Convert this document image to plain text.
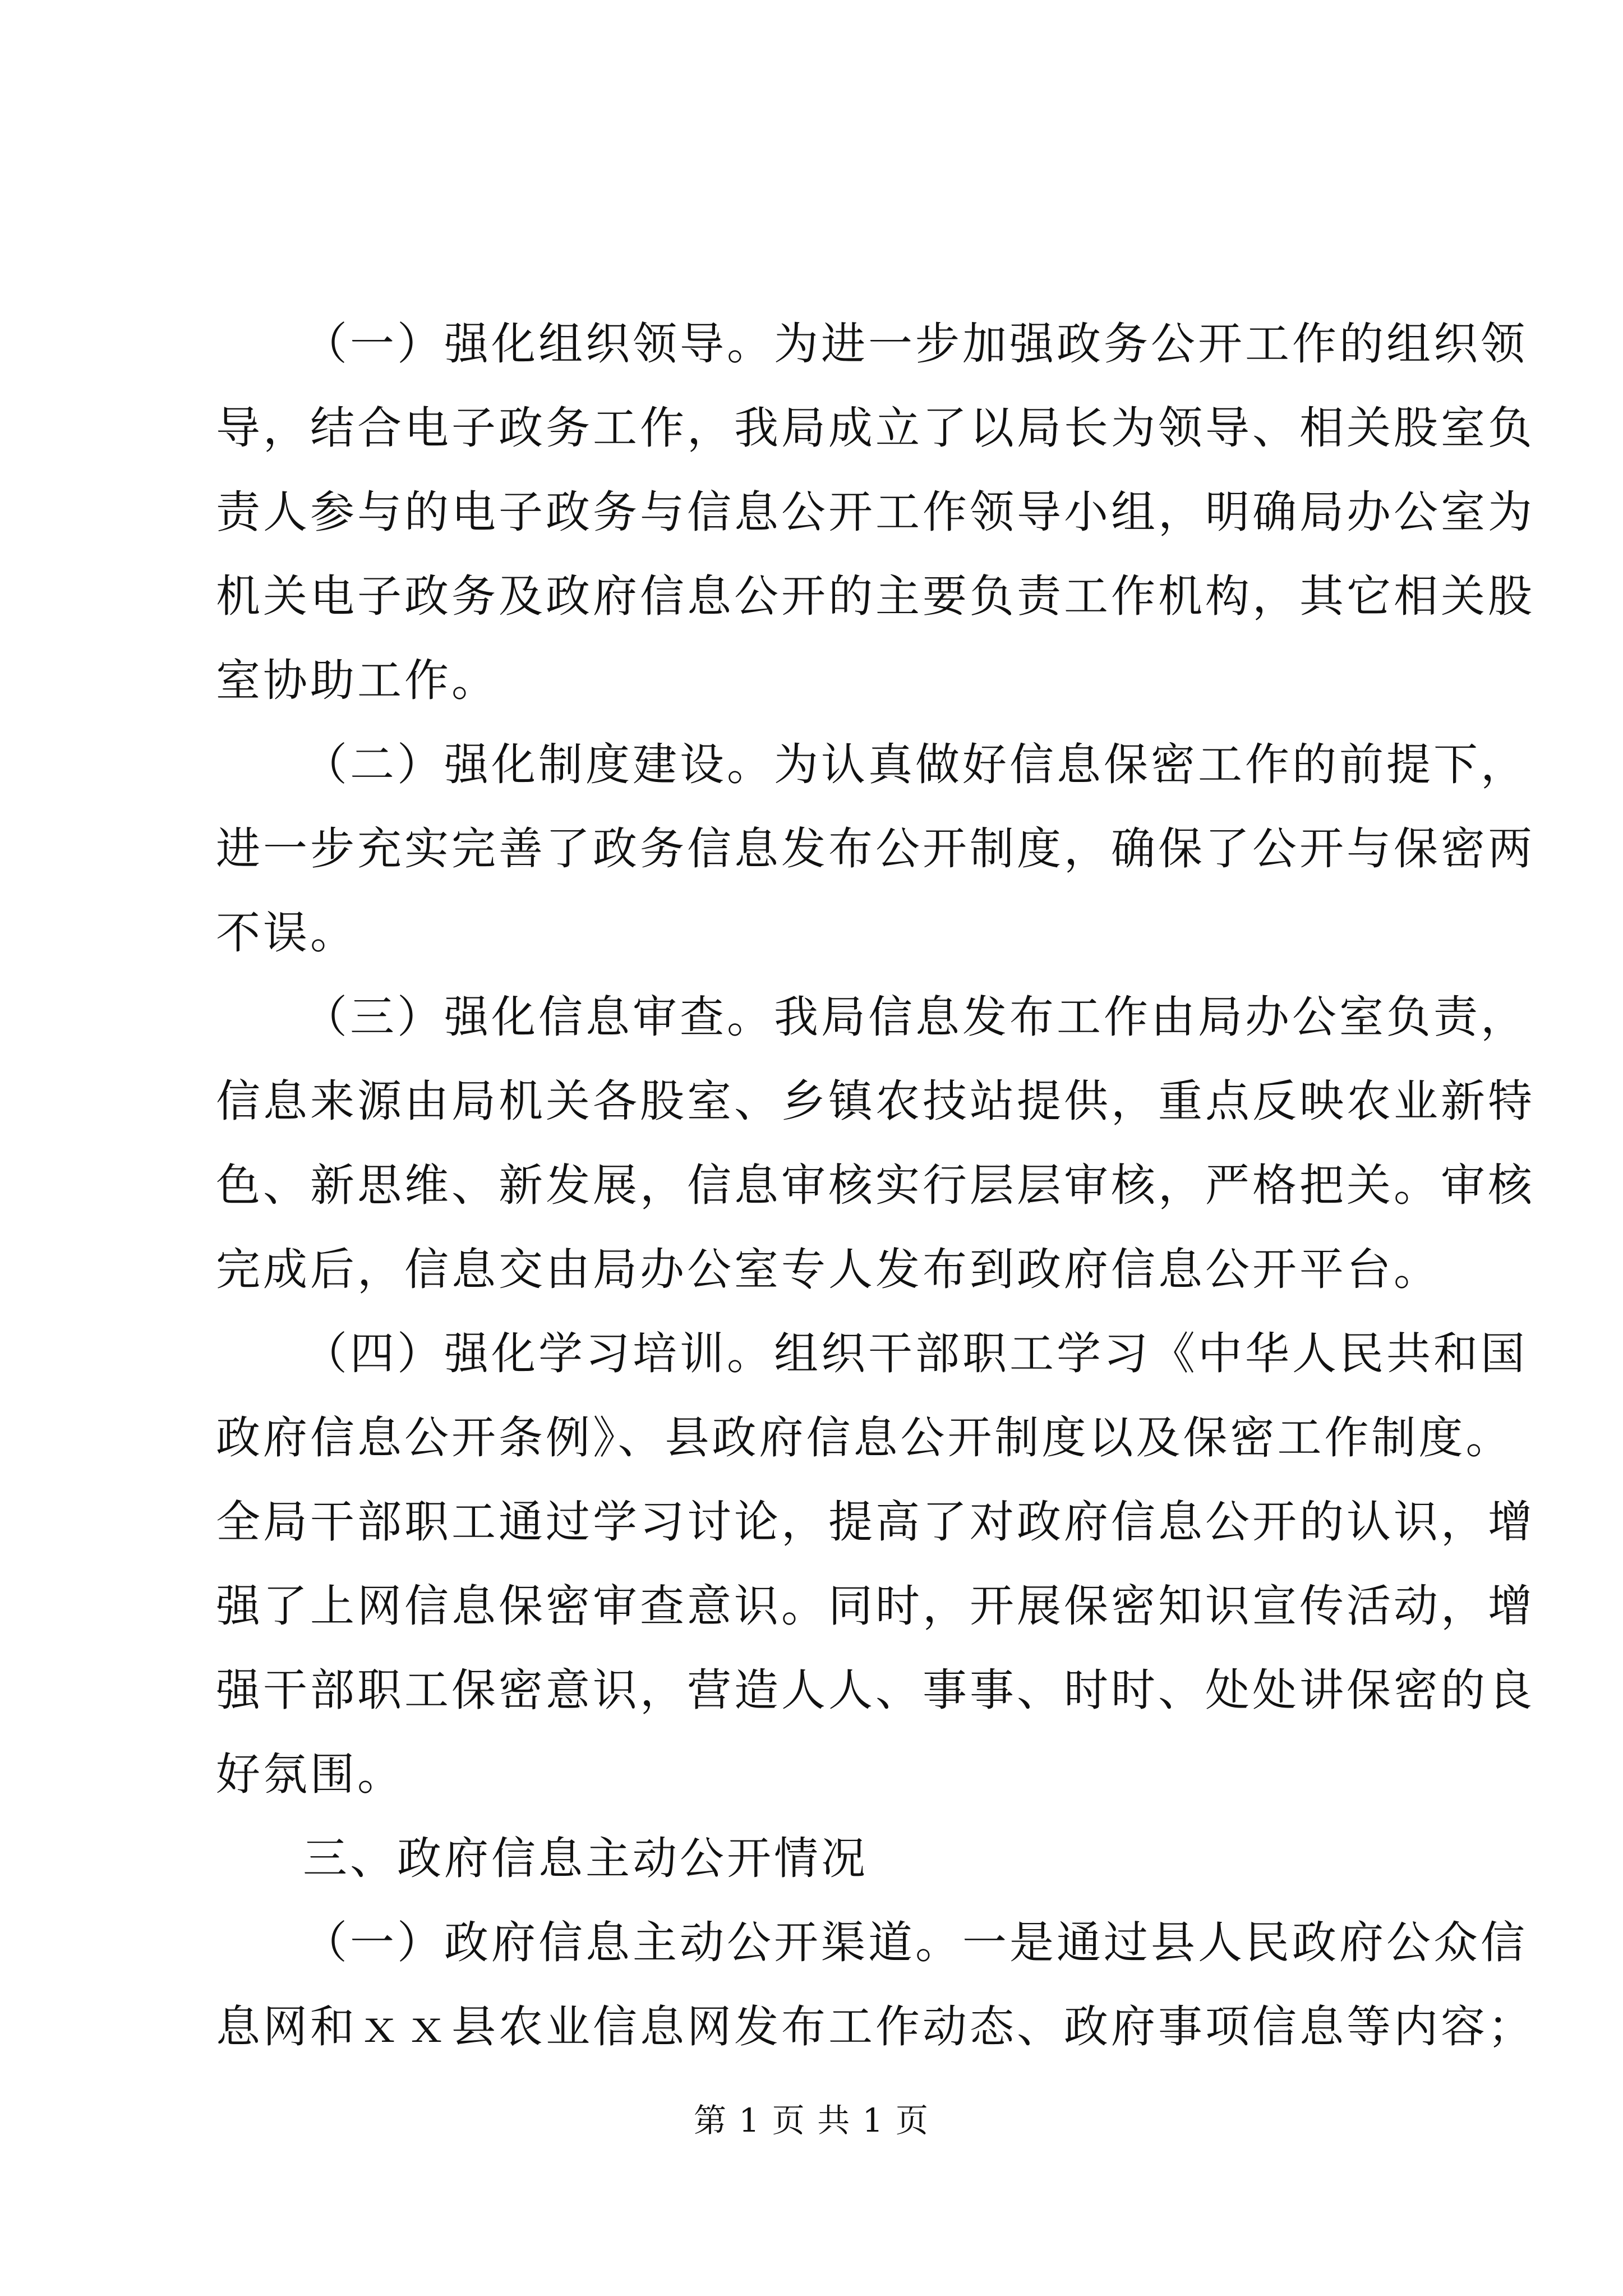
（一）强化组织领导。为进一步加强政务公开工作的组织领
导，结合电子政务工作，我局成立了以局长为领导、相关股室负
责人参与的电子政务与信息公开工作领导小组，明确局办公室为
机关电子政务及政府信息公开的主要负责工作机构，其它相关股
室协助工作。
（二）强化制度建设。为认真做好信息保密工作的前提下，
进一步充实完善了政务信息发布公开制度，确保了公开与保密两
不误。
（三）强化信息审查。我局信息发布工作由局办公室负责，
信息来源由局机关各股室、乡镇农技站提供，重点反映农业新特
色、新思维、新发展，信息审核实行层层审核，严格把关。审核
完成后，信息交由局办公室专人发布到政府信息公开平台。
（四）强化学习培训。组织干部职工学习《中华人民共和国
政府信息公开条例》、县政府信息公开制度以及保密工作制度。
全局干部职工通过学习讨论，提高了对政府信息公开的认识，增
强了上网信息保密审查意识。同时，开展保密知识宣传活动，增
强干部职工保密意识，营造人人、事事、时时、处处讲保密的良
好氛围。
三、政府信息主动公开情况
（一）政府信息主动公开渠道。一是通过县人民政府公众信
息网和ｘｘ县农业信息网发布工作动态、政府事项信息等内容；
第 1 页 共 1 页
